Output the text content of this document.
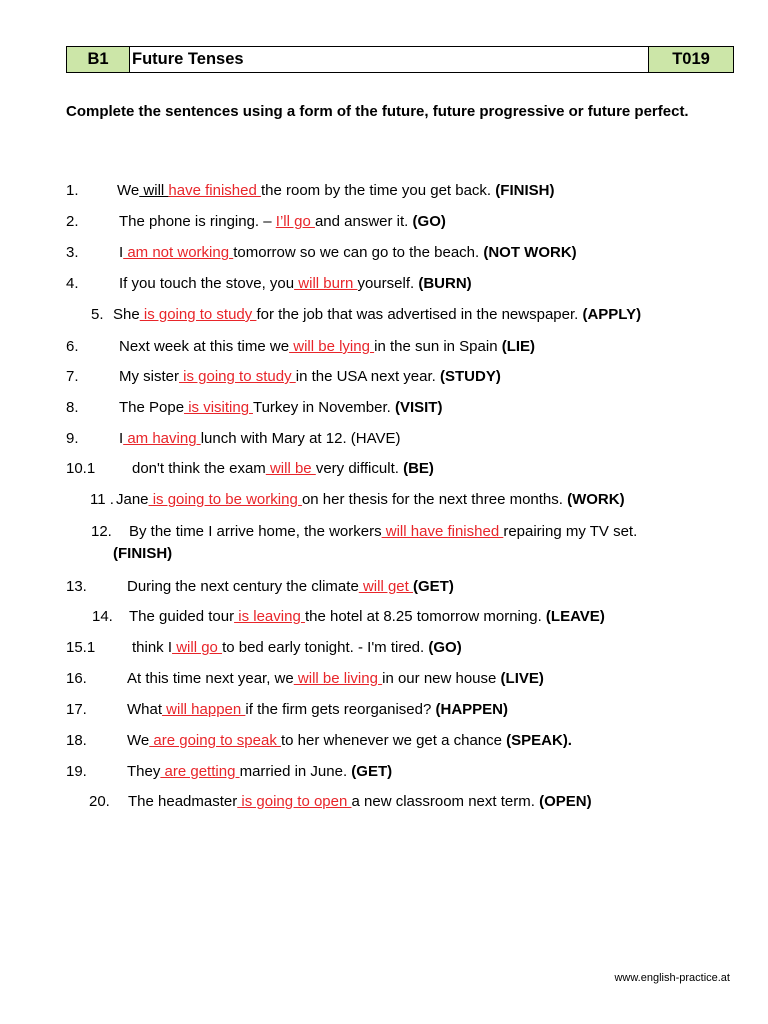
B1	Future Tenses	T019
Complete the sentences using a form of the future, future progressive or future perfect.
1.	We will have finished the room by the time you get back. (FINISH)
2.	The phone is ringing. – I’ll go and answer it. (GO)
3.	I am not working tomorrow so we can go to the beach. (NOT WORK)
4.	If you touch the stove, you will burn yourself. (BURN)
5. She is going to study for the job that was advertised in the newspaper. (APPLY)
6.	Next week at this time we will be lying in the sun in Spain (LIE)
7.	My sister is going to study in the USA next year. (STUDY)
8.	The Pope is visiting Turkey in November. (VISIT)
9.	I am having lunch with Mary at 12. (HAVE)
10.1 don't think the exam will be very difficult. (BE)
11 . Jane is going to be working on her thesis for the next three months. (WORK)
12. By the time I arrive home, the workers will have finished repairing my TV set.
(FINISH)
13.	During the next century the climate will get (GET)
14. The guided tour is leaving the hotel at 8.25 tomorrow morning. (LEAVE)
15.1 think I will go to bed early tonight. - I'm tired. (GO)
16.	At this time next year, we will be living in our new house (LIVE)
17.	What will happen if the firm gets reorganised? (HAPPEN)
18.	We are going to speak to her whenever we get a chance (SPEAK).
19.	They are getting married in June. (GET)
20. The headmaster is going to open a new classroom next term. (OPEN)
www.english-practice.at
